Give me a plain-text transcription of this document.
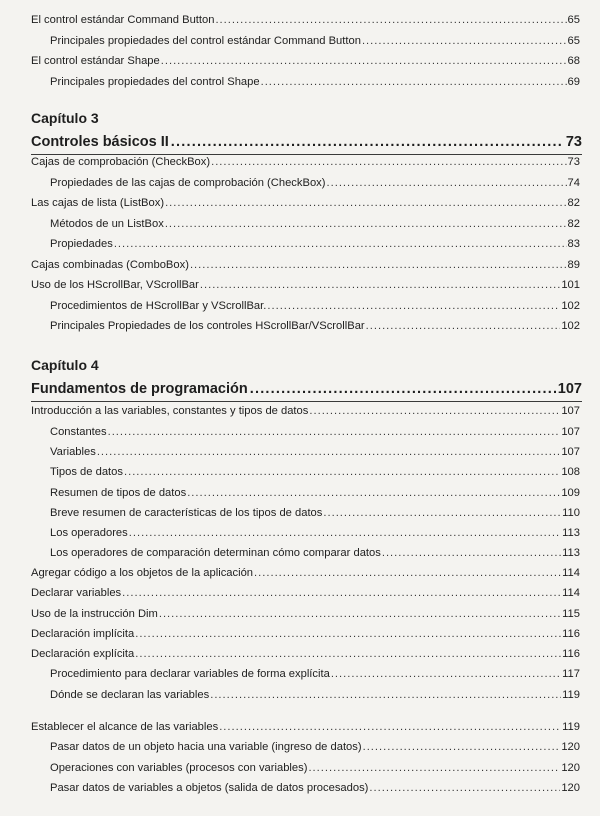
El control estándar Command Button .....	65
Principales propiedades del control estándar Command Button .....	65
El control estándar Shape .....	68
Principales propiedades del control Shape .....	69
Capítulo 3
Controles básicos II .....	73
Cajas de comprobación (CheckBox) .....	73
Propiedades de las cajas de comprobación (CheckBox) .....	74
Las cajas de lista (ListBox) .....	82
Métodos de un ListBox .....	82
Propiedades .....	83
Cajas combinadas (ComboBox) .....	89
Uso de los HScrollBar, VScrollBar .....	101
Procedimientos de HScrollBar y VScrollBar. .....	102
Principales Propiedades de los controles HScrollBar/VScrollBar .....	102
Capítulo 4
Fundamentos de programación .....	107
Introducción a las variables, constantes y tipos de datos .....	107
Constantes .....	107
Variables .....	107
Tipos de datos .....	108
Resumen de tipos de datos .....	109
Breve resumen de características de los tipos de datos .....	110
Los operadores .....	113
Los operadores de comparación determinan cómo comparar datos .....	113
Agregar código a los objetos de la aplicación .....	114
Declarar variables .....	114
Uso de la instrucción Dim .....	115
Declaración implícita .....	116
Declaración explícita .....	116
Procedimiento para declarar variables de forma explícita .....	117
Dónde se declaran las variables .....	119
Establecer el alcance de las variables .....	119
Pasar datos de un objeto hacia una variable (ingreso de datos) .....	120
Operaciones con variables (procesos con variables) .....	120
Pasar datos de variables a objetos (salida de datos procesados) .....	120
